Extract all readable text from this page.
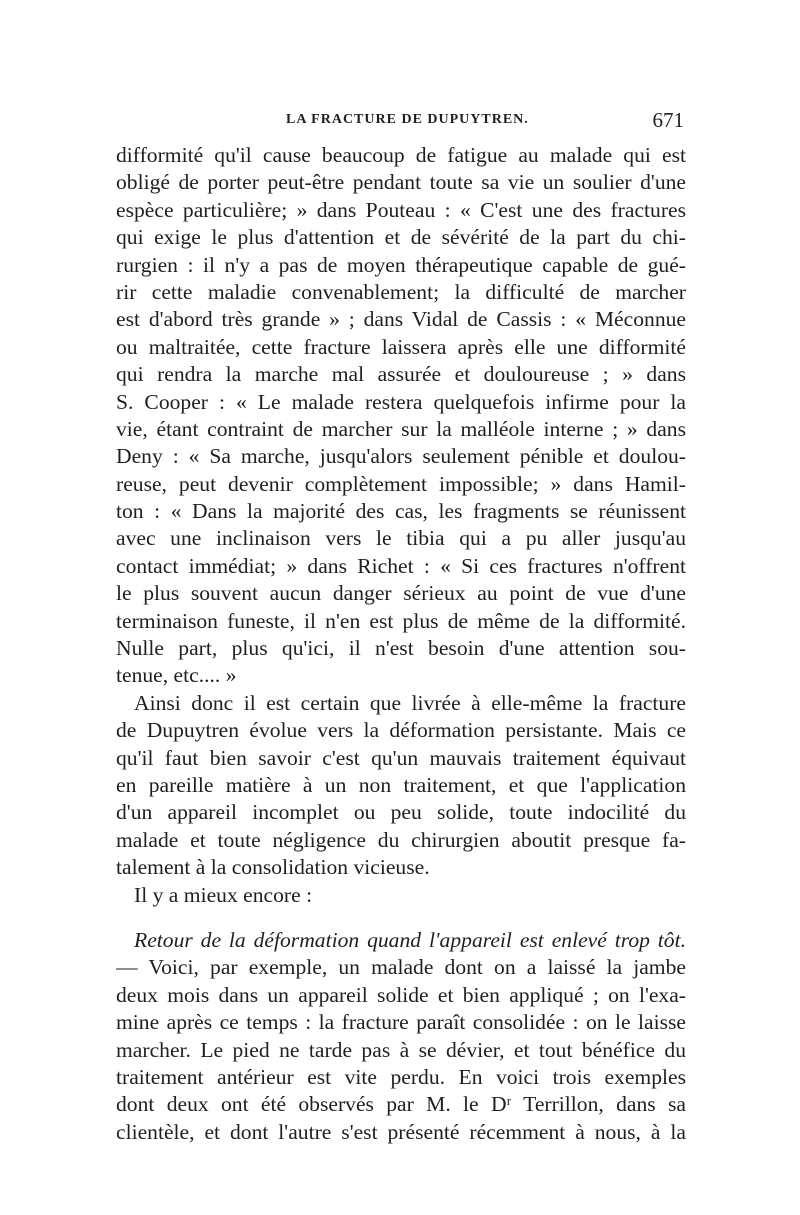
LA FRACTURE DE DUPUYTREN.	671
difformité qu'il cause beaucoup de fatigue au malade qui est
obligé de porter peut-être pendant toute sa vie un soulier d'une
espèce particulière; » dans Pouteau : « C'est une des fractures
qui exige le plus d'attention et de sévérité de la part du chi-
rurgien : il n'y a pas de moyen thérapeutique capable de gué-
rir cette maladie convenablement; la difficulté de marcher
est d'abord très grande » ; dans Vidal de Cassis : « Méconnue
ou maltraitée, cette fracture laissera après elle une difformité
qui rendra la marche mal assurée et douloureuse ; » dans
S. Cooper : « Le malade restera quelquefois infirme pour la
vie, étant contraint de marcher sur la malléole interne ; » dans
Deny : « Sa marche, jusqu'alors seulement pénible et doulou-
reuse, peut devenir complètement impossible; » dans Hamil-
ton : « Dans la majorité des cas, les fragments se réunissent
avec une inclinaison vers le tibia qui a pu aller jusqu'au
contact immédiat; » dans Richet : « Si ces fractures n'offrent
le plus souvent aucun danger sérieux au point de vue d'une
terminaison funeste, il n'en est plus de même de la difformité.
Nulle part, plus qu'ici, il n'est besoin d'une attention sou-
tenue, etc.... »
Ainsi donc il est certain que livrée à elle-même la fracture
de Dupuytren évolue vers la déformation persistante. Mais ce
qu'il faut bien savoir c'est qu'un mauvais traitement équivaut
en pareille matière à un non traitement, et que l'application
d'un appareil incomplet ou peu solide, toute indocilité du
malade et toute négligence du chirurgien aboutit presque fa-
talement à la consolidation vicieuse.
Il y a mieux encore :
Retour de la déformation quand l'appareil est enlevé trop tôt.
— Voici, par exemple, un malade dont on a laissé la jambe
deux mois dans un appareil solide et bien appliqué ; on l'exa-
mine après ce temps : la fracture paraît consolidée : on le laisse
marcher. Le pied ne tarde pas à se dévier, et tout bénéfice du
traitement antérieur est vite perdu. En voici trois exemples
dont deux ont été observés par M. le Dʳ Terrillon, dans sa
clientèle, et dont l'autre s'est présenté récemment à nous, à la
